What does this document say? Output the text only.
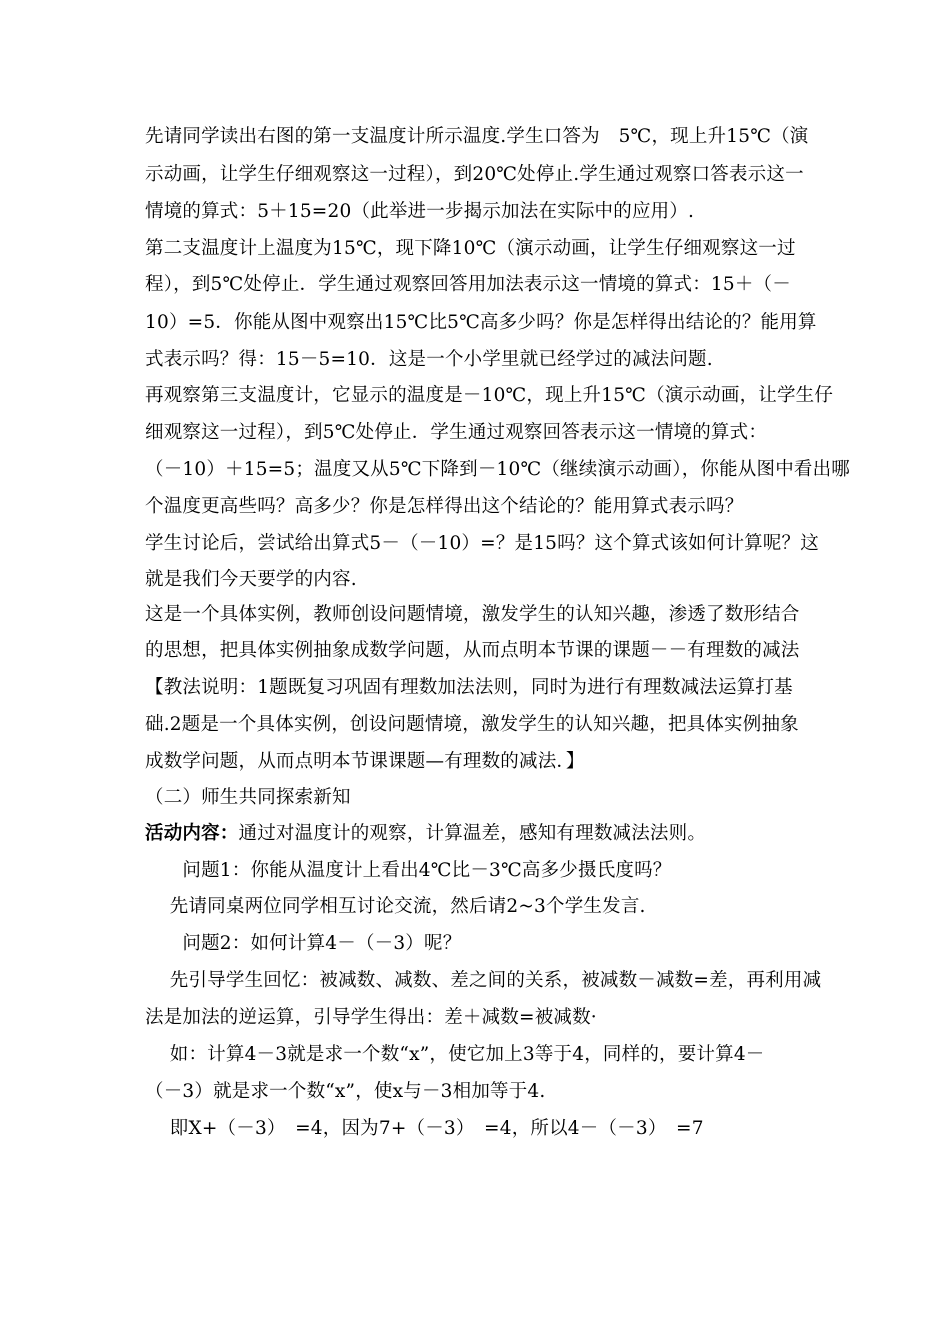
先请同学读出右图的第一支温度计所示温度.学生口答为　5℃，现上升15℃（演
示动画，让学生仔细观察这一过程），到20℃处停止.学生通过观察口答表示这一
情境的算式：5＋15=20（此举进一步揭示加法在实际中的应用）.
第二支温度计上温度为15℃，现下降10℃（演示动画，让学生仔细观察这一过
程），到5℃处停止．学生通过观察回答用加法表示这一情境的算式：15＋（－
10）=5．你能从图中观察出15℃比5℃高多少吗？你是怎样得出结论的？能用算
式表示吗？得：15－5=10．这是一个小学里就已经学过的减法问题.
再观察第三支温度计，它显示的温度是－10℃，现上升15℃（演示动画，让学生仔
细观察这一过程），到5℃处停止．学生通过观察回答表示这一情境的算式：
（－10）＋15=5；温度又从5℃下降到－10℃（继续演示动画），你能从图中看出哪
个温度更高些吗？高多少？你是怎样得出这个结论的？能用算式表示吗？
学生讨论后，尝试给出算式5－（－10）=？是15吗？这个算式该如何计算呢？这
就是我们今天要学的内容.
这是一个具体实例，教师创设问题情境，激发学生的认知兴趣，渗透了数形结合
的思想，把具体实例抽象成数学问题，从而点明本节课的课题－－有理数的减法
【教法说明：1题既复习巩固有理数加法法则，同时为进行有理数减法运算打基
础.2题是一个具体实例，创设问题情境，激发学生的认知兴趣，把具体实例抽象
成数学问题，从而点明本节课课题—有理数的减法．】
（二）师生共同探索新知
活动内容：通过对温度计的观察，计算温差，感知有理数减法法则。
　　问题1：你能从温度计上看出4℃比－3℃高多少摄氏度吗？
　 先请同桌两位同学相互讨论交流，然后请2~3个学生发言.
　　问题2：如何计算4－（－3）呢？
　 先引导学生回忆：被减数、减数、差之间的关系，被减数－减数=差，再利用减
法是加法的逆运算，引导学生得出：差＋减数=被减数·
　 如：计算4－3就是求一个数“x”，使它加上3等于4，同样的，要计算4－
（－3）就是求一个数“x”，使x与－3相加等于4.
　 即X+（－3）　=4，因为7+（－3）　=4，所以4－（－3）　=7
